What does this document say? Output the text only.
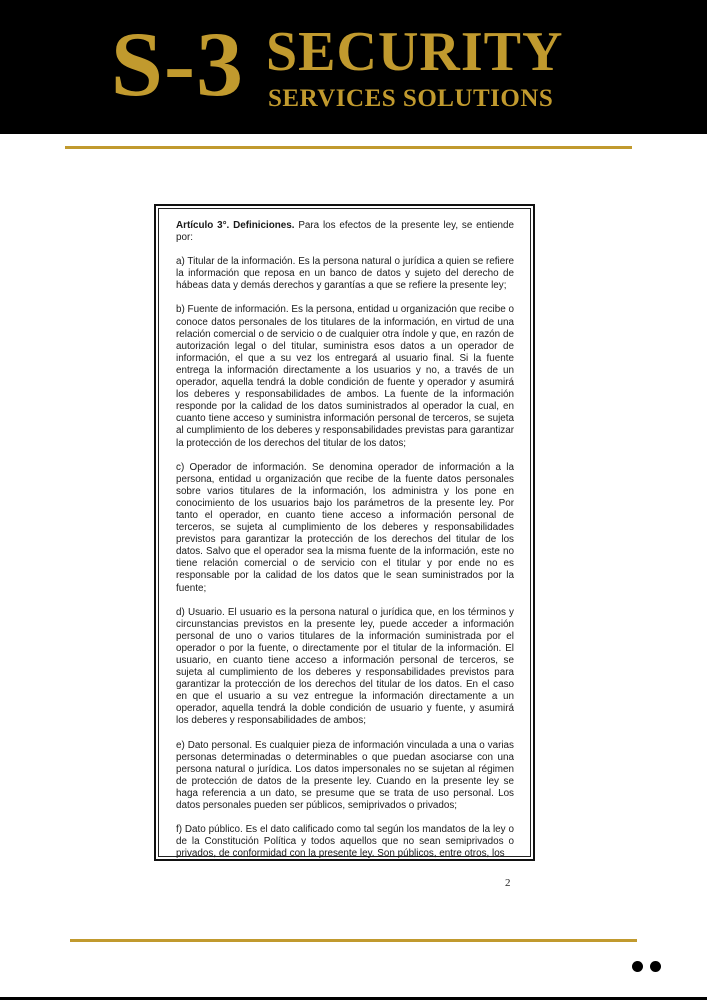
S-3 SECURITY
SERVICES SOLUTIONS

Artículo 3°. Definiciones. Para los efectos de la presente ley, se entiende por:

a) Titular de la información. Es la persona natural o jurídica a quien se refiere la información que reposa en un banco de datos y sujeto del derecho de hábeas data y demás derechos y garantías a que se refiere la presente ley;

b) Fuente de información. Es la persona, entidad u organización que recibe o conoce datos personales de los titulares de la información, en virtud de una relación comercial o de servicio o de cualquier otra índole y que, en razón de autorización legal o del titular, suministra esos datos a un operador de información, el que a su vez los entregará al usuario final. Si la fuente entrega la información directamente a los usuarios y no, a través de un operador, aquella tendrá la doble condición de fuente y operador y asumirá los deberes y responsabilidades de ambos. La fuente de la información responde por la calidad de los datos suministrados al operador la cual, en cuanto tiene acceso y suministra información personal de terceros, se sujeta al cumplimiento de los deberes y responsabilidades previstas para garantizar la protección de los derechos del titular de los datos;

c) Operador de información. Se denomina operador de información a la persona, entidad u organización que recibe de la fuente datos personales sobre varios titulares de la información, los administra y los pone en conocimiento de los usuarios bajo los parámetros de la presente ley. Por tanto el operador, en cuanto tiene acceso a información personal de terceros, se sujeta al cumplimiento de los deberes y responsabilidades previstos para garantizar la protección de los derechos del titular de los datos. Salvo que el operador sea la misma fuente de la información, este no tiene relación comercial o de servicio con el titular y por ende no es responsable por la calidad de los datos que le sean suministrados por la fuente;

d) Usuario. El usuario es la persona natural o jurídica que, en los términos y circunstancias previstos en la presente ley, puede acceder a información personal de uno o varios titulares de la información suministrada por el operador o por la fuente, o directamente por el titular de la información. El usuario, en cuanto tiene acceso a información personal de terceros, se sujeta al cumplimiento de los deberes y responsabilidades previstos para garantizar la protección de los derechos del titular de los datos. En el caso en que el usuario a su vez entregue la información directamente a un operador, aquella tendrá la doble condición de usuario y fuente, y asumirá los deberes y responsabilidades de ambos;

e) Dato personal. Es cualquier pieza de información vinculada a una o varias personas determinadas o determinables o que puedan asociarse con una persona natural o jurídica. Los datos impersonales no se sujetan al régimen de protección de datos de la presente ley. Cuando en la presente ley se haga referencia a un dato, se presume que se trata de uso personal. Los datos personales pueden ser públicos, semiprivados o privados;

f) Dato público. Es el dato calificado como tal según los mandatos de la ley o de la Constitución Política y todos aquellos que no sean semiprivados o privados, de conformidad con la presente ley. Son públicos, entre otros, los

2
